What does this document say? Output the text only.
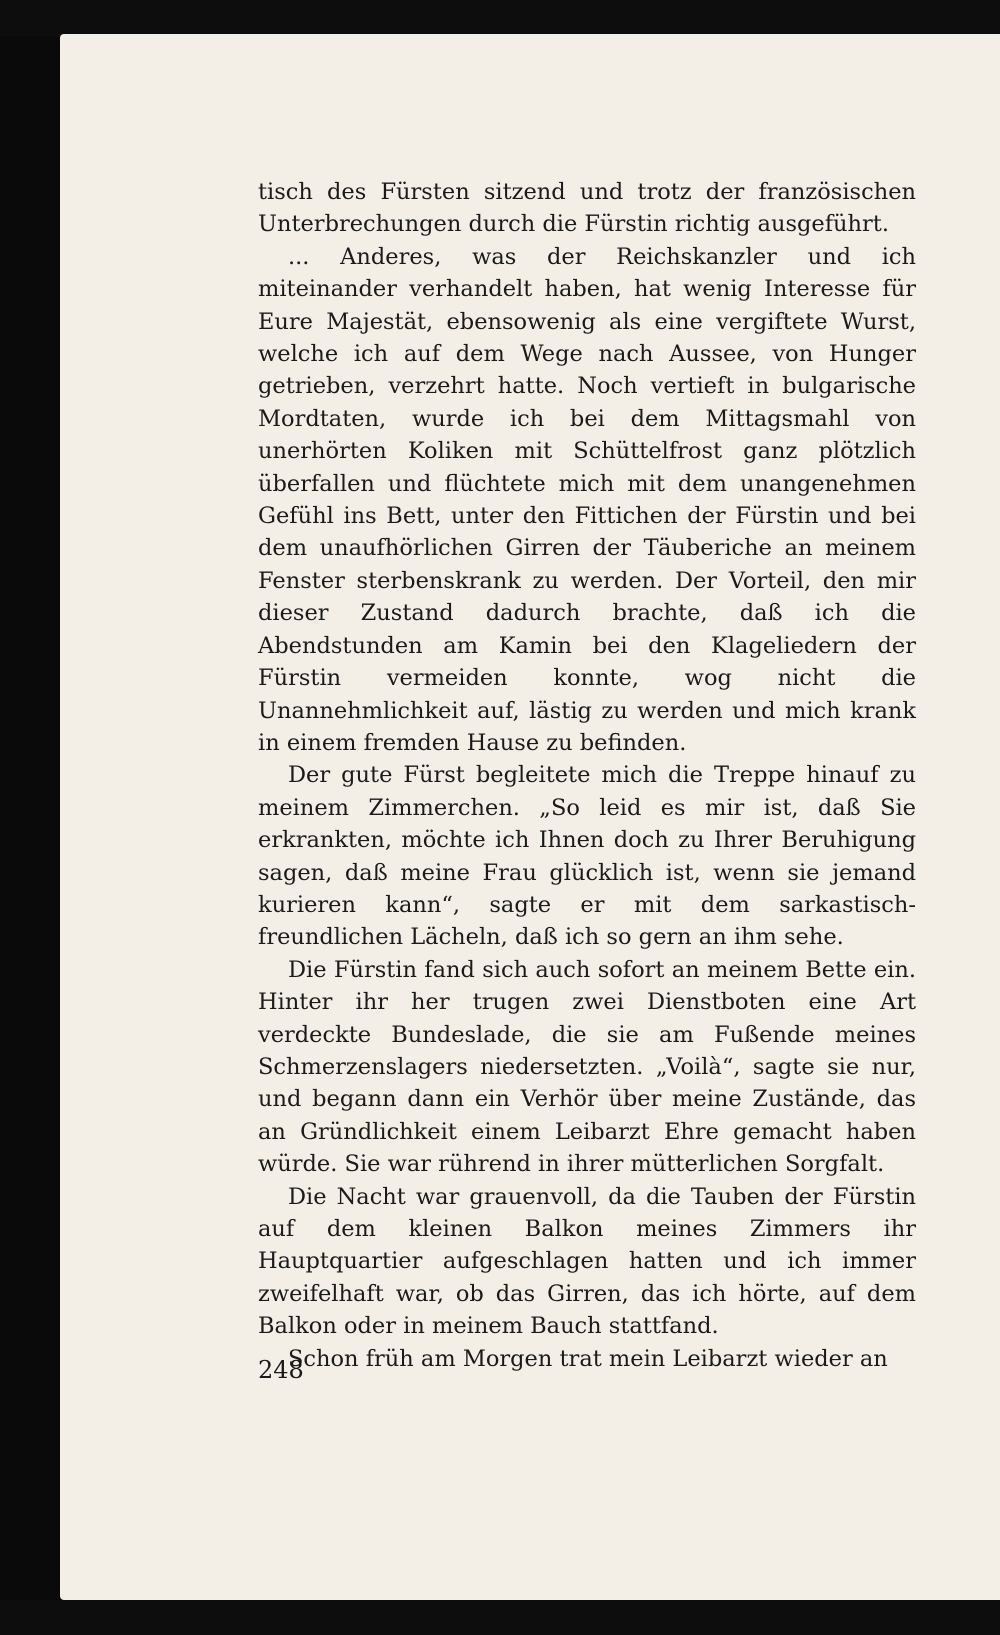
tisch des Fürsten sitzend und trotz der französischen Unterbrechungen durch die Fürstin richtig ausgeführt.

... Anderes, was der Reichskanzler und ich miteinander verhandelt haben, hat wenig Interesse für Eure Majestät, ebensowenig als eine vergiftete Wurst, welche ich auf dem Wege nach Aussee, von Hunger getrieben, verzehrt hatte. Noch vertieft in bulgarische Mordtaten, wurde ich bei dem Mittagsmahl von unerhörten Koliken mit Schüttelfrost ganz plötzlich überfallen und flüchtete mich mit dem unangenehmen Gefühl ins Bett, unter den Fittichen der Fürstin und bei dem unaufhörlichen Girren der Täuberiche an meinem Fenster sterbenskrank zu werden. Der Vorteil, den mir dieser Zustand dadurch brachte, daß ich die Abendstunden am Kamin bei den Klageliedern der Fürstin vermeiden konnte, wog nicht die Unannehmlichkeit auf, lästig zu werden und mich krank in einem fremden Hause zu befinden.

Der gute Fürst begleitete mich die Treppe hinauf zu meinem Zimmerchen. „So leid es mir ist, daß Sie erkrankten, möchte ich Ihnen doch zu Ihrer Beruhigung sagen, daß meine Frau glücklich ist, wenn sie jemand kurieren kann“, sagte er mit dem sarkastisch-freundlichen Lächeln, daß ich so gern an ihm sehe.

Die Fürstin fand sich auch sofort an meinem Bette ein. Hinter ihr her trugen zwei Dienstboten eine Art verdeckte Bundeslade, die sie am Fußende meines Schmerzenslagers niedersetzten. „Voilà“, sagte sie nur, und begann dann ein Verhör über meine Zustände, das an Gründlichkeit einem Leibarzt Ehre gemacht haben würde. Sie war rührend in ihrer mütterlichen Sorgfalt.

Die Nacht war grauenvoll, da die Tauben der Fürstin auf dem kleinen Balkon meines Zimmers ihr Hauptquartier aufgeschlagen hatten und ich immer zweifelhaft war, ob das Girren, das ich hörte, auf dem Balkon oder in meinem Bauch stattfand.

Schon früh am Morgen trat mein Leibarzt wieder an

248
